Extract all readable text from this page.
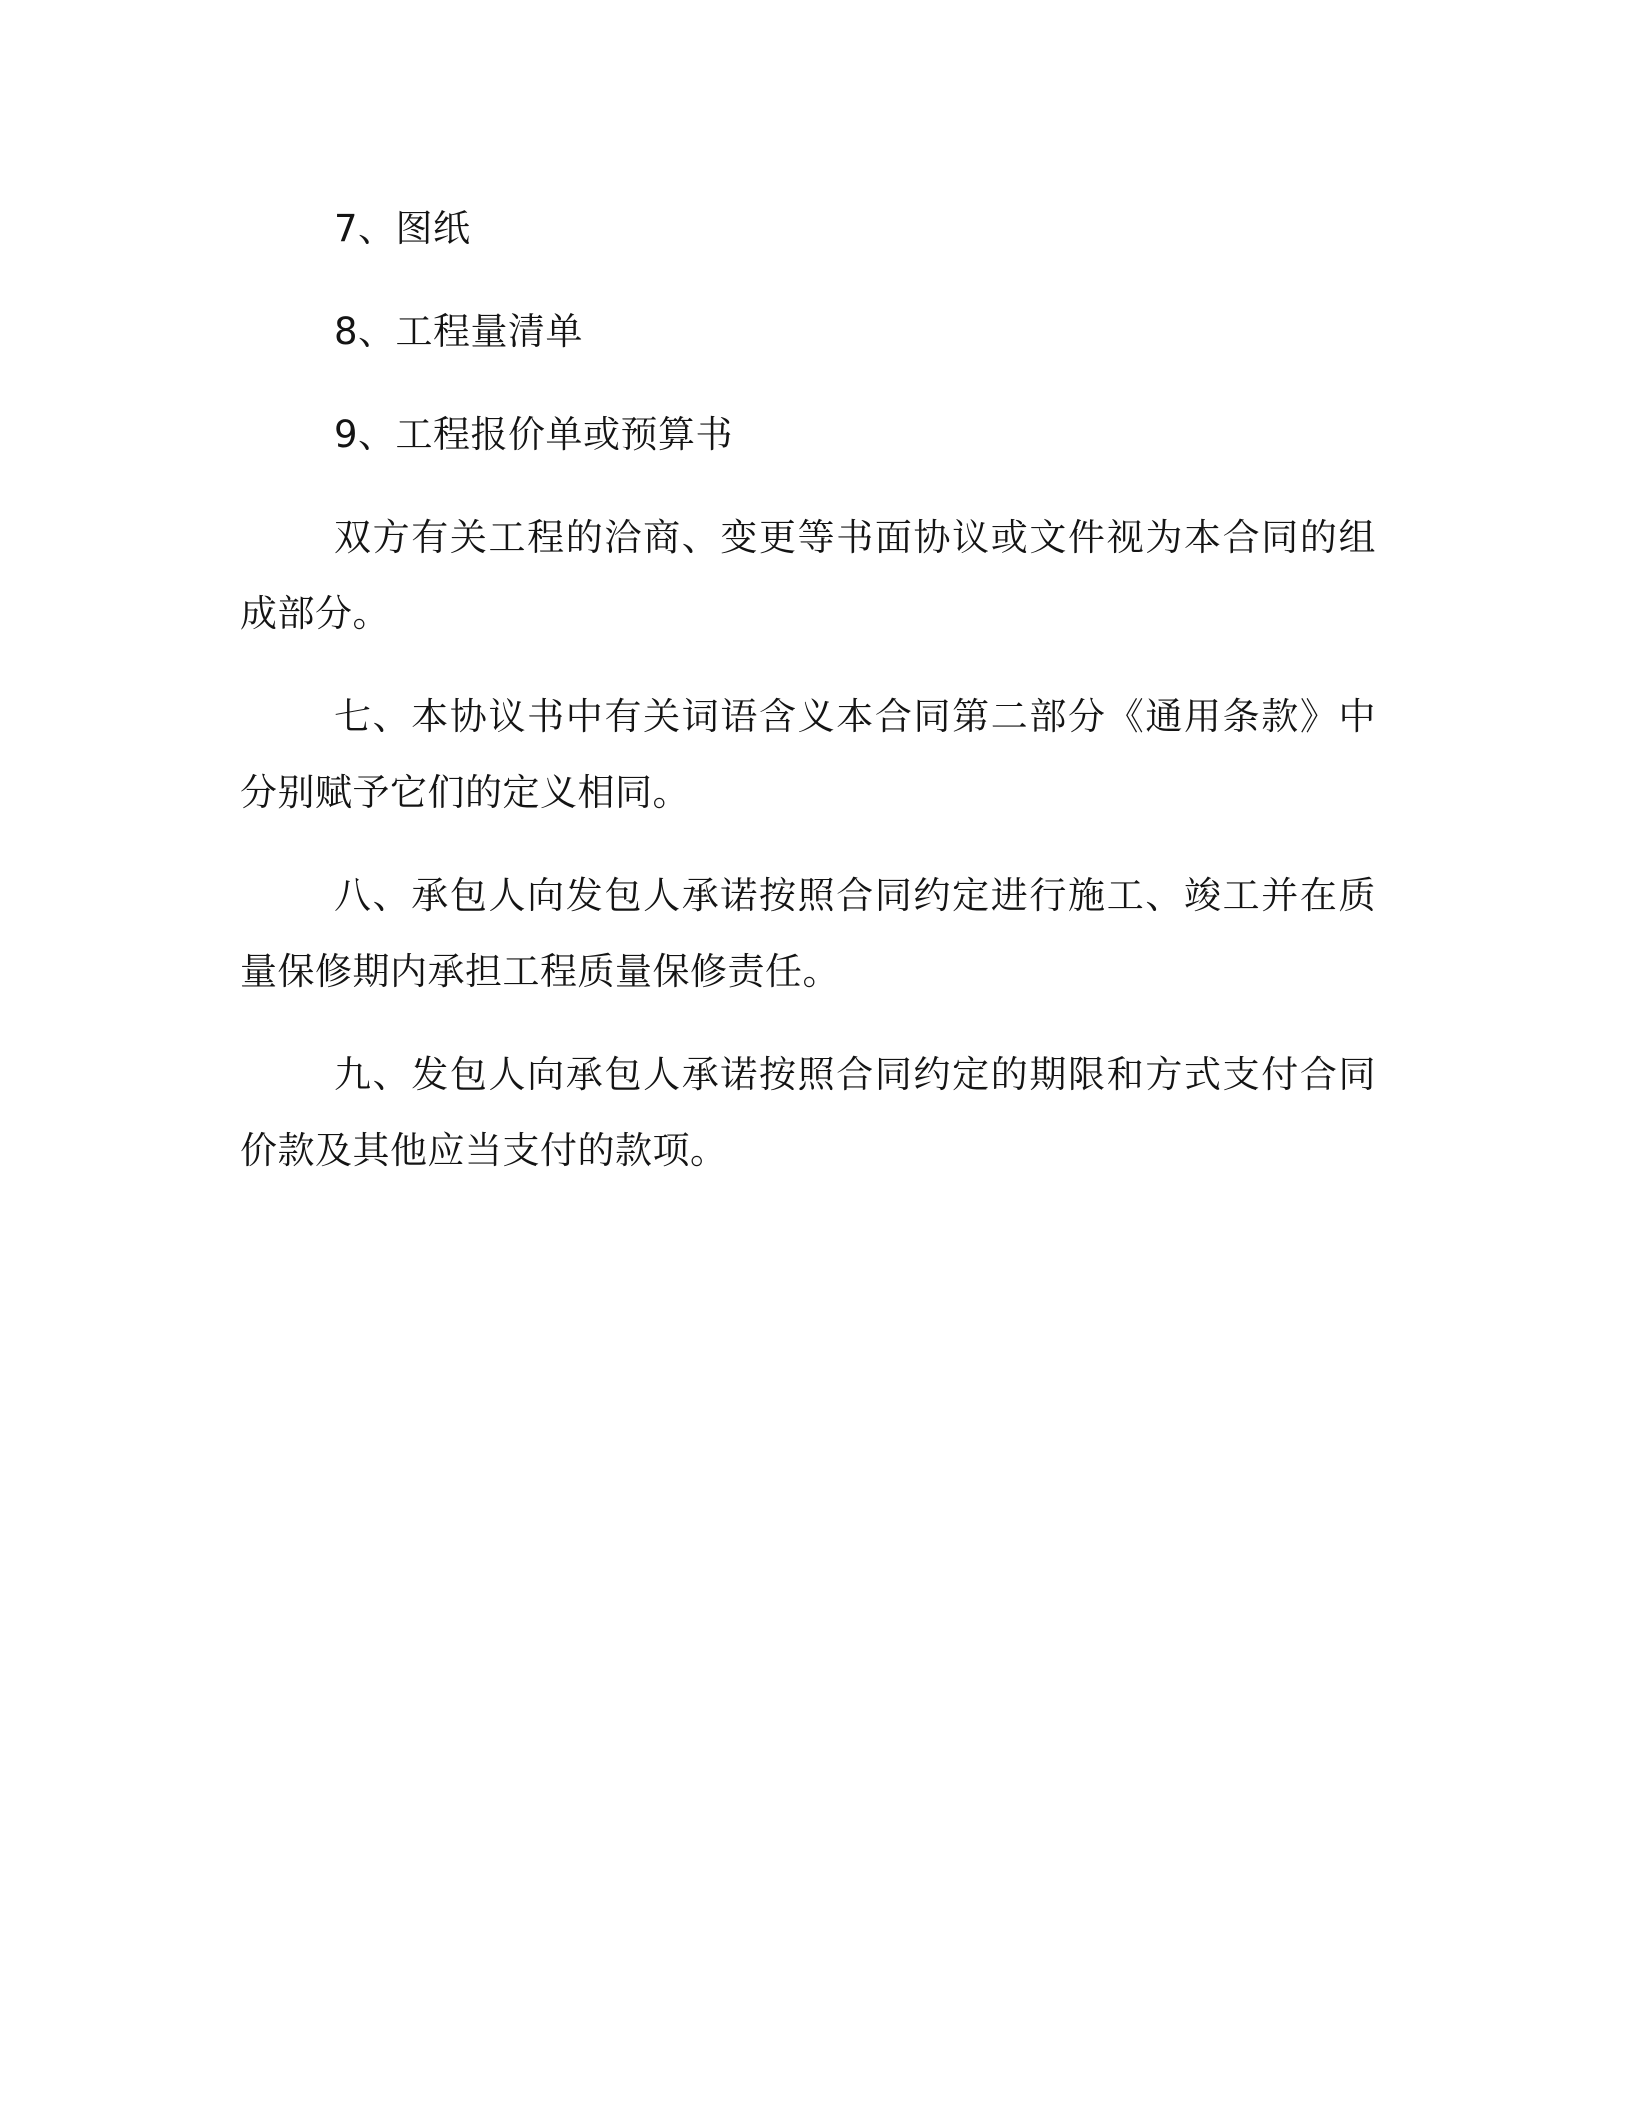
7、图纸

8、工程量清单

9、工程报价单或预算书

双方有关工程的洽商、变更等书面协议或文件视为本合同的组成部分。

七、本协议书中有关词语含义本合同第二部分《通用条款》中分别赋予它们的定义相同。

八、承包人向发包人承诺按照合同约定进行施工、竣工并在质量保修期内承担工程质量保修责任。

九、发包人向承包人承诺按照合同约定的期限和方式支付合同价款及其他应当支付的款项。
